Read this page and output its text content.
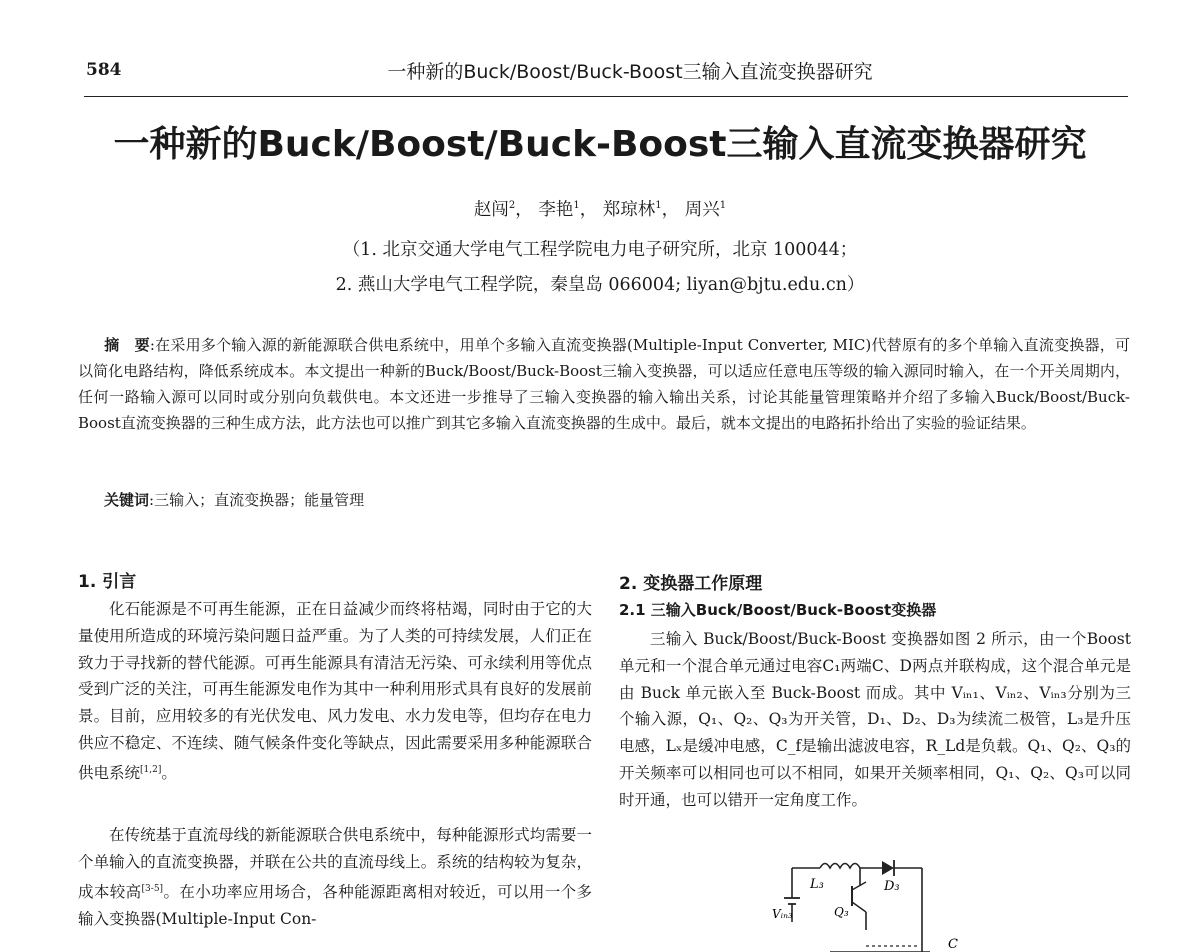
584	一种新的Buck/Boost/Buck-Boost三输入直流变换器研究
一种新的Buck/Boost/Buck-Boost三输入直流变换器研究
赵闯$^2$， 李艳$^1$， 郑琼林$^1$， 周兴$^1$
（1. 北京交通大学电气工程学院电力电子研究所，北京 100044；
2. 燕山大学电气工程学院，秦皇岛 066004; liyan@bjtu.edu.cn）
摘　要:在采用多个输入源的新能源联合供电系统中，用单个多输入直流变换器(Multiple-Input Converter, MIC)代替原有的多个单输入直流变换器，可以简化电路结构，降低系统成本。本文提出一种新的Buck/Boost/Buck-Boost三输入变换器，可以适应任意电压等级的输入源同时输入，在一个开关周期内，任何一路输入源可以同时或分别向负载供电。本文还进一步推导了三输入变换器的输入输出关系，讨论其能量管理策略并介绍了多输入Buck/Boost/Buck-Boost直流变换器的三种生成方法，此方法也可以推广到其它多输入直流变换器的生成中。最后，就本文提出的电路拓扑给出了实验的验证结果。
关键词:三输入；直流变换器；能量管理
1. 引言
化石能源是不可再生能源，正在日益减少而终将枯竭，同时由于它的大量使用所造成的环境污染问题日益严重。为了人类的可持续发展，人们正在致力于寻找新的替代能源。可再生能源具有清洁无污染、可永续利用等优点受到广泛的关注，可再生能源发电作为其中一种利用形式具有良好的发展前景。目前，应用较多的有光伏发电、风力发电、水力发电等，但均存在电力供应不稳定、不连续、随气候条件变化等缺点，因此需要采用多种能源联合供电系统[1,2]。
在传统基于直流母线的新能源联合供电系统中，每种能源形式均需要一个单输入的直流变换器，并联在公共的直流母线上。系统的结构较为复杂，成本较高[3-5]。在小功率应用场合，各种能源距离相对较近，可以用一个多输入变换器(Multiple-Input Con-
2. 变换器工作原理
2.1 三输入Buck/Boost/Buck-Boost变换器
三输入 Buck/Boost/Buck-Boost 变换器如图 2 所示，由一个Boost单元和一个混合单元通过电容C₁两端C、D两点并联构成，这个混合单元是由 Buck 单元嵌入至 Buck-Boost 而成。其中 Vᵢₙ₁、Vᵢₙ₂、Vᵢₙ₃分别为三个输入源，Q₁、Q₂、Q₃为开关管，D₁、D₂、D₃为续流二极管，L₃是升压电感，Lₓ是缓冲电感，C_f是输出滤波电容，R_Ld是负载。Q₁、Q₂、Q₃的开关频率可以相同也可以不相同，如果开关频率相同，Q₁、Q₂、Q₃可以同时开通，也可以错开一定角度工作。
L₃	D₃
Vᵢₙ₃	Q₃
C
